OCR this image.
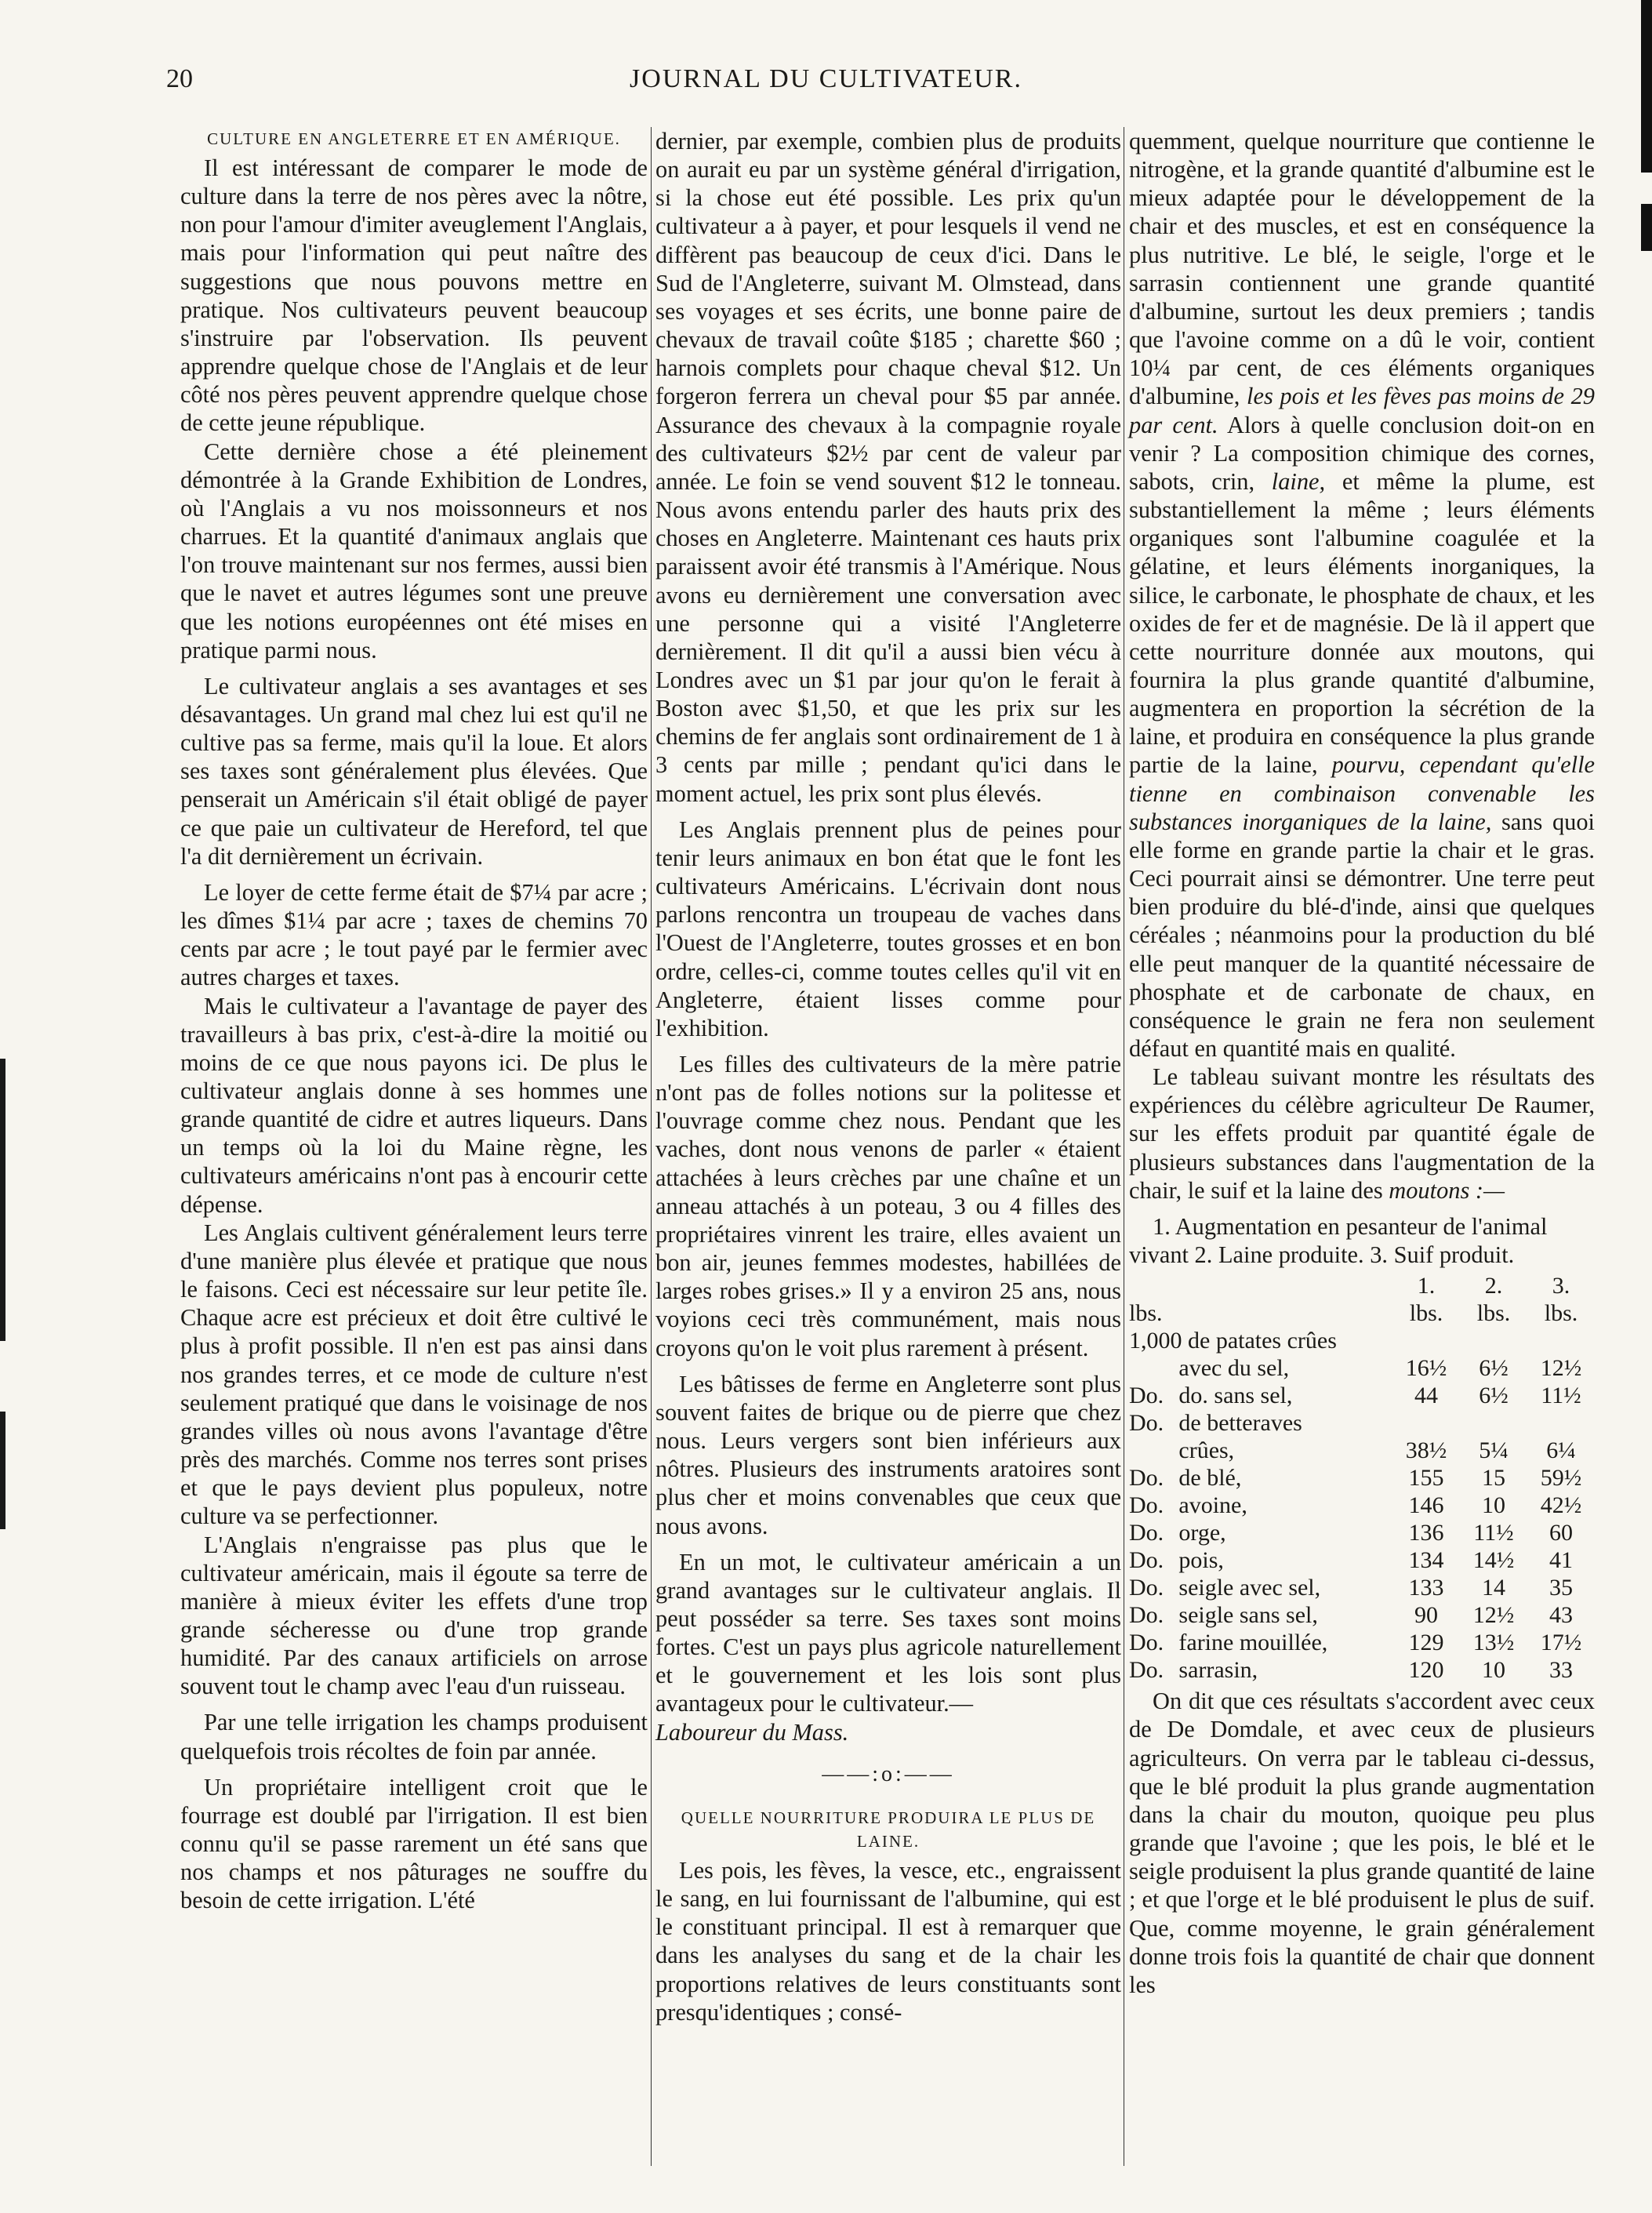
20	JOURNAL DU CULTIVATEUR.
CULTURE EN ANGLETERRE ET EN AMÉRIQUE.

Il est intéressant de comparer le mode de culture dans la terre de nos pères avec la nôtre, non pour l'amour d'imiter aveuglement l'Anglais, mais pour l'information qui peut naître des suggestions que nous pouvons mettre en pratique. Nos cultivateurs peuvent beaucoup s'instruire par l'observation. Ils peuvent apprendre quelque chose de l'Anglais et de leur côté nos pères peuvent apprendre quelque chose de cette jeune république.

Cette dernière chose a été pleinement démontrée à la Grande Exhibition de Londres, où l'Anglais a vu nos moissonneurs et nos charrues. Et la quantité d'animaux anglais que l'on trouve maintenant sur nos fermes, aussi bien que le navet et autres légumes sont une preuve que les notions européennes ont été mises en pratique parmi nous.

Le cultivateur anglais a ses avantages et ses désavantages. Un grand mal chez lui est qu'il ne cultive pas sa ferme, mais qu'il la loue. Et alors ses taxes sont généralement plus élevées. Que penserait un Américain s'il était obligé de payer ce que paie un cultivateur de Hereford, tel que l'a dit dernièrement un écrivain.

Le loyer de cette ferme était de $7¼ par acre ; les dîmes $1¼ par acre ; taxes de chemins 70 cents par acre ; le tout payé par le fermier avec autres charges et taxes.

Mais le cultivateur a l'avantage de payer des travailleurs à bas prix, c'est-à-dire la moitié ou moins de ce que nous payons ici. De plus le cultivateur anglais donne à ses hommes une grande quantité de cidre et autres liqueurs. Dans un temps où la loi du Maine règne, les cultivateurs américains n'ont pas à encourir cette dépense.

Les Anglais cultivent généralement leurs terre d'une manière plus élevée et pratique que nous le faisons. Ceci est nécessaire sur leur petite île. Chaque acre est précieux et doit être cultivé le plus à profit possible. Il n'en est pas ainsi dans nos grandes terres, et ce mode de culture n'est seulement pratiqué que dans le voisinage de nos grandes villes où nous avons l'avantage d'être près des marchés. Comme nos terres sont prises et que le pays devient plus populeux, notre culture va se perfectionner.

L'Anglais n'engraisse pas plus que le cultivateur américain, mais il égoute sa terre de manière à mieux éviter les effets d'une trop grande sécheresse ou d'une trop grande humidité. Par des canaux artificiels on arrose souvent tout le champ avec l'eau d'un ruisseau.

Par une telle irrigation les champs produisent quelquefois trois récoltes de foin par année.

Un propriétaire intelligent croit que le fourrage est doublé par l'irrigation. Il est bien connu qu'il se passe rarement un été sans que nos champs et nos pâturages ne souffre du besoin de cette irrigation. L'été

dernier, par exemple, combien plus de produits on aurait eu par un système général d'irrigation, si la chose eut été possible. Les prix qu'un cultivateur a à payer, et pour lesquels il vend ne diffèrent pas beaucoup de ceux d'ici. Dans le Sud de l'Angleterre, suivant M. Olmstead, dans ses voyages et ses écrits, une bonne paire de chevaux de travail coûte $185 ; charette $60 ; harnois complets pour chaque cheval $12. Un forgeron ferrera un cheval pour $5 par année. Assurance des chevaux à la compagnie royale des cultivateurs $2½ par cent de valeur par année. Le foin se vend souvent $12 le tonneau. Nous avons entendu parler des hauts prix des choses en Angleterre. Maintenant ces hauts prix paraissent avoir été transmis à l'Amérique. Nous avons eu dernièrement une conversation avec une personne qui a visité l'Angleterre dernièrement. Il dit qu'il a aussi bien vécu à Londres avec un $1 par jour qu'on le ferait à Boston avec $1,50, et que les prix sur les chemins de fer anglais sont ordinairement de 1 à 3 cents par mille ; pendant qu'ici dans le moment actuel, les prix sont plus élevés.

Les Anglais prennent plus de peines pour tenir leurs animaux en bon état que le font les cultivateurs Américains. L'écrivain dont nous parlons rencontra un troupeau de vaches dans l'Ouest de l'Angleterre, toutes grosses et en bon ordre, celles-ci, comme toutes celles qu'il vit en Angleterre, étaient lisses comme pour l'exhibition.

Les filles des cultivateurs de la mère patrie n'ont pas de folles notions sur la politesse et l'ouvrage comme chez nous. Pendant que les vaches, dont nous venons de parler « étaient attachées à leurs crèches par une chaîne et un anneau attachés à un poteau, 3 ou 4 filles des propriétaires vinrent les traire, elles avaient un bon air, jeunes femmes modestes, habillées de larges robes grises.» Il y a environ 25 ans, nous voyions ceci très communément, mais nous croyons qu'on le voit plus rarement à présent.

Les bâtisses de ferme en Angleterre sont plus souvent faites de brique ou de pierre que chez nous. Leurs vergers sont bien inférieurs aux nôtres. Plusieurs des instruments aratoires sont plus cher et moins convenables que ceux que nous avons.

En un mot, le cultivateur américain a un grand avantages sur le cultivateur anglais. Il peut posséder sa terre. Ses taxes sont moins fortes. C'est un pays plus agricole naturellement et le gouvernement et les lois sont plus avantageux pour le cultivateur.—

Laboureur du Mass.

——:o:——
QUELLE NOURRITURE PRODUIRA LE PLUS DE LAINE.

Les pois, les fèves, la vesce, etc., engraissent le sang, en lui fournissant de l'albumine, qui est le constituant principal. Il est à remarquer que dans les analyses du sang et de la chair les proportions relatives de leurs constituants sont presqu'identiques ; consé-

quemment, quelque nourriture que contienne le nitrogène, et la grande quantité d'albumine est le mieux adaptée pour le développement de la chair et des muscles, et est en conséquence la plus nutritive. Le blé, le seigle, l'orge et le sarrasin contiennent une grande quantité d'albumine, surtout les deux premiers ; tandis que l'avoine comme on a dû le voir, contient 10¼ par cent, de ces éléments organiques d'albumine, les pois et les fèves pas moins de 29 par cent. Alors à quelle conclusion doit-on en venir ? La composition chimique des cornes, sabots, crin, laine, et même la plume, est substantiellement la même ; leurs éléments organiques sont l'albumine coagulée et la gélatine, et leurs éléments inorganiques, la silice, le carbonate, le phosphate de chaux, et les oxides de fer et de magnésie. De là il appert que cette nourriture donnée aux moutons, qui fournira la plus grande quantité d'albumine, augmentera en proportion la sécrétion de la laine, et produira en conséquence la plus grande partie de la laine, pourvu, cependant qu'elle tienne en combinaison convenable les substances inorganiques de la laine, sans quoi elle forme en grande partie la chair et le gras. Ceci pourrait ainsi se démontrer. Une terre peut bien produire du blé-d'inde, ainsi que quelques céréales ; néanmoins pour la production du blé elle peut manquer de la quantité nécessaire de phosphate et de carbonate de chaux, en conséquence le grain ne fera non seulement défaut en quantité mais en qualité.

Le tableau suivant montre les résultats des expériences du célèbre agriculteur De Raumer, sur les effets produit par quantité égale de plusieurs substances dans l'augmentation de la chair, le suif et la laine des moutons :—

1. Augmentation en pesanteur de l'animal

vivant 2. Laine produite. 3. Suif produit.

		1.	2.	3.
lbs.		lbs.	lbs.	lbs.
1,000 de patates crûes				
	avec du sel,	16½	6½	12½
Do.	do. sans sel,	44	6½	11½
Do.	de betteraves			
	crûes,	38½	5¼	6¼
Do.	de blé,	155	15	59½
Do.	avoine,	146	10	42½
Do.	orge,	136	11½	60
Do.	pois,	134	14½	41
Do.	seigle avec sel,	133	14	35
Do.	seigle sans sel,	90	12½	43
Do.	farine mouillée,	129	13½	17½
Do.	sarrasin,	120	10	33

On dit que ces résultats s'accordent avec ceux de De Domdale, et avec ceux de plusieurs agriculteurs. On verra par le tableau ci-dessus, que le blé produit la plus grande augmentation dans la chair du mouton, quoique peu plus grande que l'avoine ; que les pois, le blé et le seigle produisent la plus grande quantité de laine ; et que l'orge et le blé produisent le plus de suif. Que, comme moyenne, le grain généralement donne trois fois la quantité de chair que donnent les
